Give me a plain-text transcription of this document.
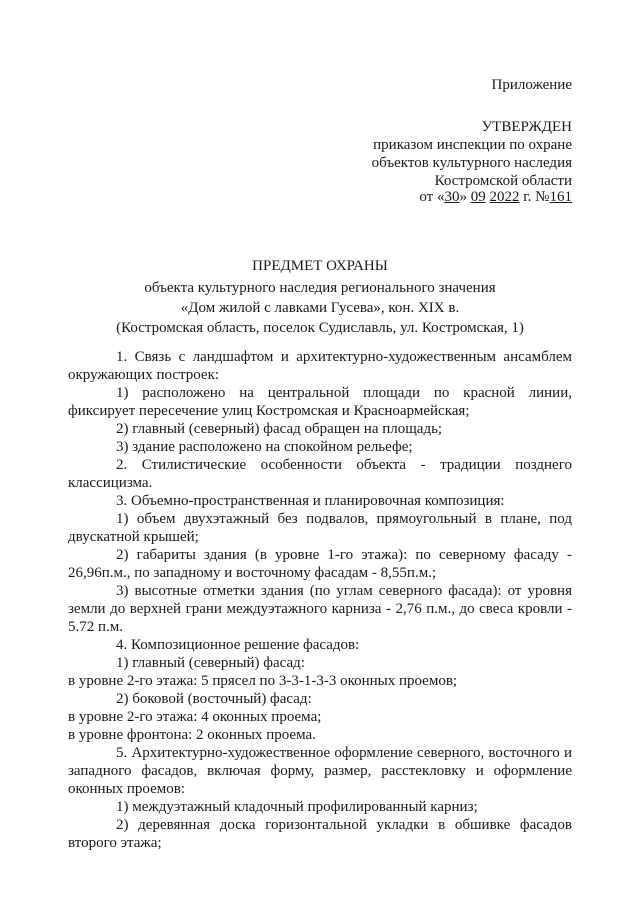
Приложение
УТВЕРЖДЕН
приказом инспекции по охране
объектов культурного наследия
Костромской области
от «30» 09 2022 г. №161
ПРЕДМЕТ ОХРАНЫ
объекта культурного наследия регионального значения
«Дом жилой с лавками Гусева», кон. XIX в.
(Костромская область, поселок Судиславль, ул. Костромская, 1)

1. Связь с ландшафтом и архитектурно-художественным ансамблем окружающих построек:

1) расположено на центральной площади по красной линии, фиксирует пересечение улиц Костромская и Красноармейская;

2) главный (северный) фасад обращен на площадь;

3) здание расположено на спокойном рельефе;

2. Стилистические особенности объекта - традиции позднего классицизма.

3. Объемно-пространственная и планировочная композиция:

1) объем двухэтажный без подвалов, прямоугольный в плане, под двускатной крышей;

2) габариты здания (в уровне 1-го этажа): по северному фасаду - 26,96п.м., по западному и восточному фасадам - 8,55п.м.;

3) высотные отметки здания (по углам северного фасада): от уровня земли до верхней грани междуэтажного карниза - 2,76 п.м., до свеса кровли - 5.72 п.м.

4. Композиционное решение фасадов:

1) главный (северный) фасад:

в уровне 2-го этажа: 5 прясел по 3-3-1-3-3 оконных проемов;

2) боковой (восточный) фасад:

в уровне 2-го этажа: 4 оконных проема;

в уровне фронтона: 2 оконных проема.

5. Архитектурно-художественное оформление северного, восточного и западного фасадов, включая форму, размер, расстекловку и оформление оконных проемов:

1) междуэтажный кладочный профилированный карниз;

2) деревянная доска горизонтальной укладки в обшивке фасадов второго этажа;
